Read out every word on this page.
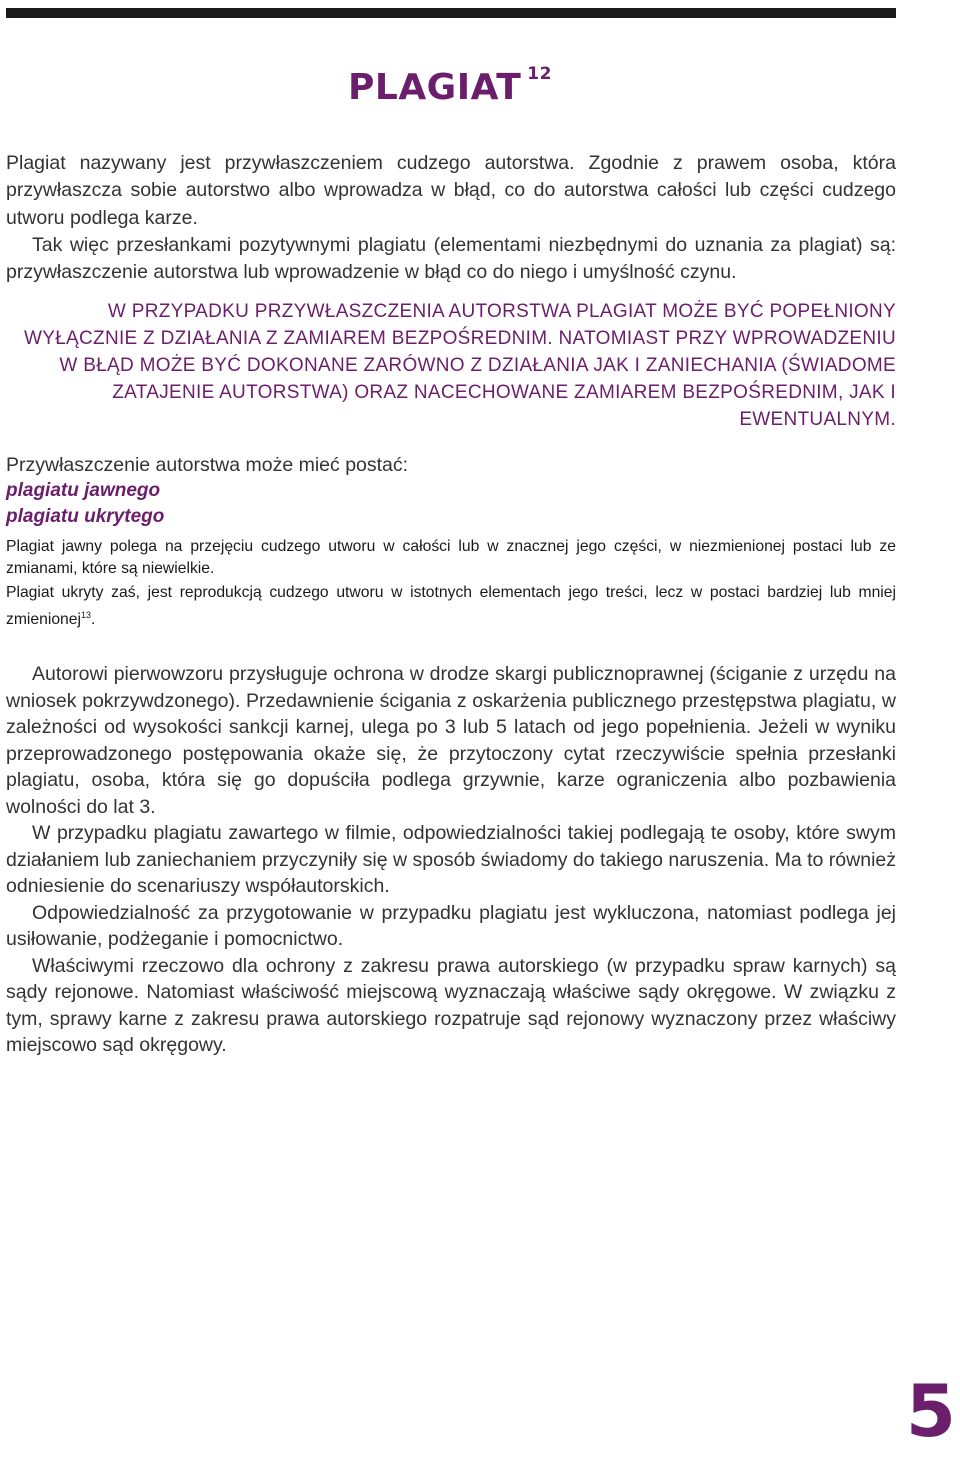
PLAGIAT $^{12}$

Plagiat nazywany jest przywłaszczeniem cudzego autorstwa. Zgodnie z prawem osoba, która przywłaszcza sobie autorstwo albo wprowadza w błąd, co do autorstwa całości lub części cudzego utworu podlega karze.

Tak więc przesłankami pozytywnymi plagiatu (elementami niezbędnymi do uznania za plagiat) są: przywłaszczenie autorstwa lub wprowadzenie w błąd co do niego i umyślność czynu.

W PRZYPADKU PRZYWŁASZCZENIA AUTORSTWA PLAGIAT MOŻE BYĆ POPEŁNIONY WYŁĄCZNIE Z DZIAŁANIA Z ZAMIAREM BEZPOŚREDNIM. NATOMIAST PRZY WPROWADZENIU W BŁĄD MOŻE BYĆ DOKONANE ZARÓWNO Z DZIAŁANIA JAK I ZANIECHANIA (ŚWIADOME ZATAJENIE AUTORSTWA) ORAZ NACECHOWANE ZAMIAREM BEZPOŚREDNIM, JAK I EWENTUALNYM.

Przywłaszczenie autorstwa może mieć postać:

plagiatu jawnego

plagiatu ukrytego

Plagiat jawny polega na przejęciu cudzego utworu w całości lub w znacznej jego części, w niezmienionej postaci lub ze zmianami, które są niewielkie.

Plagiat ukryty zaś, jest reprodukcją cudzego utworu w istotnych elementach jego treści, lecz w postaci bardziej lub mniej zmienionej$^{13}$.

Autorowi pierwowzoru przysługuje ochrona w drodze skargi publicznoprawnej (ściganie z urzędu na wniosek pokrzywdzonego). Przedawnienie ścigania z oskarżenia publicznego przestępstwa plagiatu, w zależności od wysokości sankcji karnej, ulega po 3 lub 5 latach od jego popełnienia. Jeżeli w wyniku przeprowadzonego postępowania okaże się, że przytoczony cytat rzeczywiście spełnia przesłanki plagiatu, osoba, która się go dopuściła podlega grzywnie, karze ograniczenia albo pozbawienia wolności do lat 3.

W przypadku plagiatu zawartego w filmie, odpowiedzialności takiej podlegają te osoby, które swym działaniem lub zaniechaniem przyczyniły się w sposób świadomy do takiego naruszenia. Ma to również odniesienie do scenariuszy współautorskich.

Odpowiedzialność za przygotowanie w przypadku plagiatu jest wykluczona, natomiast podlega jej usiłowanie, podżeganie i pomocnictwo.

Właściwymi rzeczowo dla ochrony z zakresu prawa autorskiego (w przypadku spraw karnych) są sądy rejonowe. Natomiast właściwość miejscową wyznaczają właściwe sądy okręgowe. W związku z tym, sprawy karne z zakresu prawa autorskiego rozpatruje sąd rejonowy wyznaczony przez właściwy miejscowo sąd okręgowy.

5
